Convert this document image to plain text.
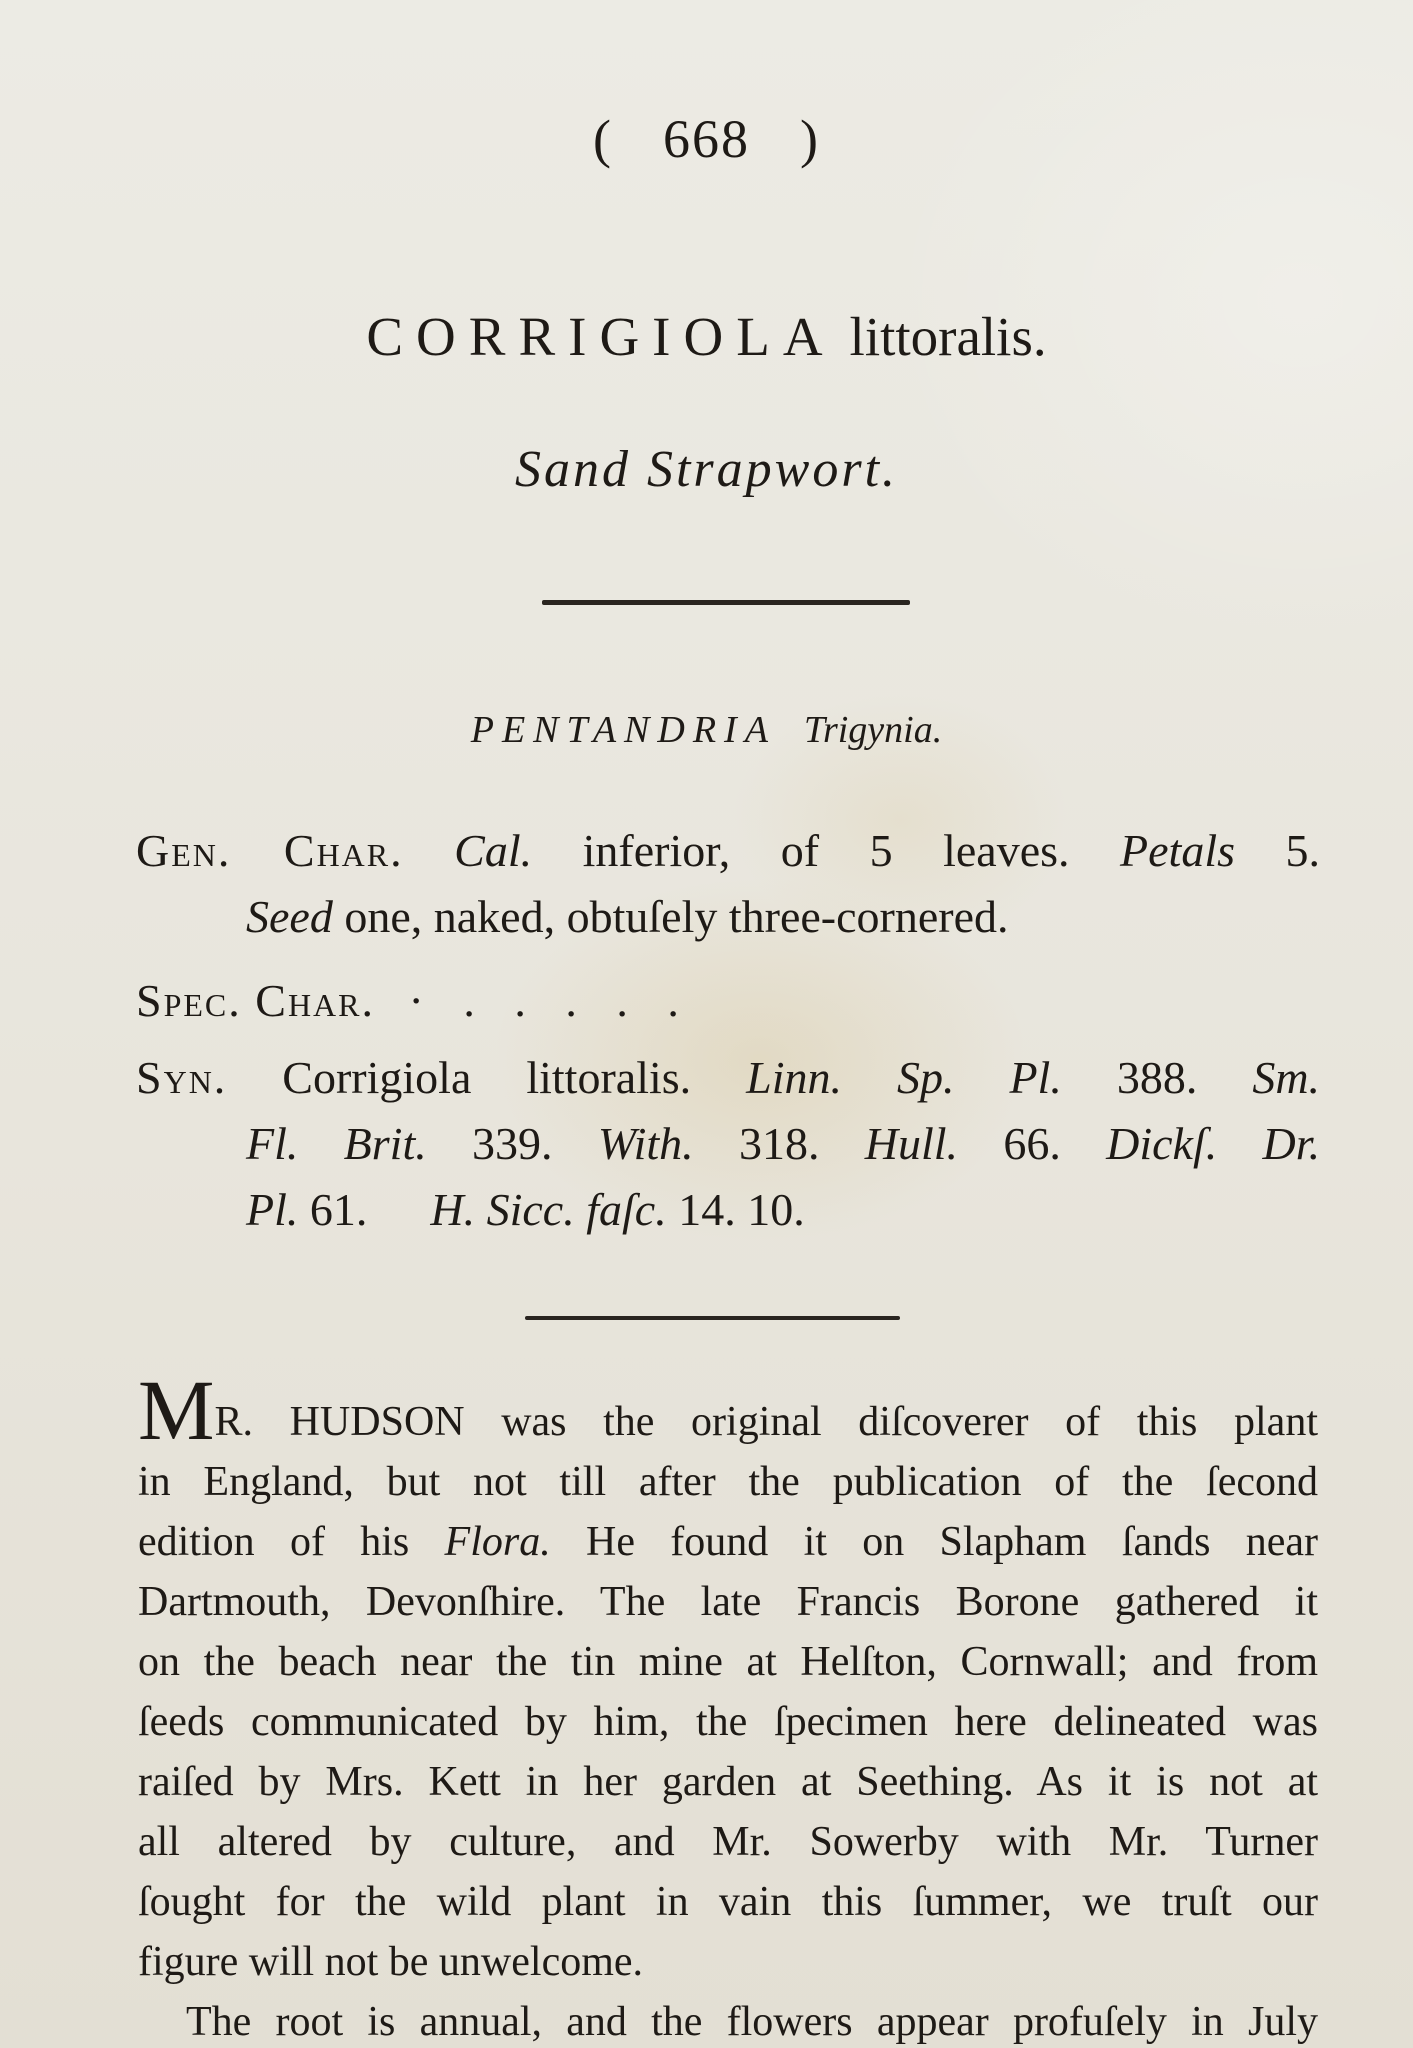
( 668 )
CORRIGIOLA littoralis.
Sand Strapwort.
PENTANDRIA Trigynia.
Gen. Char. Cal. inferior, of 5 leaves. Petals 5.
Seed one, naked, obtuſely three-cornered.
Spec. Char. · . . . . .
Syn. Corrigiola littoralis. Linn. Sp. Pl. 388. Sm.
Fl. Brit. 339. With. 318. Hull. 66. Dickſ. Dr.
Pl. 61. H. Sicc. faſc. 14. 10.
MR. HUDSON was the original diſcoverer of this plant
in England, but not till after the publication of the ſecond
edition of his Flora. He found it on Slapham ſands near
Dartmouth, Devonſhire. The late Francis Borone gathered it
on the beach near the tin mine at Helſton, Cornwall; and from
ſeeds communicated by him, the ſpecimen here delineated was
raiſed by Mrs. Kett in her garden at Seething. As it is not at
all altered by culture, and Mr. Sowerby with Mr. Turner
ſought for the wild plant in vain this ſummer, we truſt our
figure will not be unwelcome.
The root is annual, and the flowers appear profuſely in July
